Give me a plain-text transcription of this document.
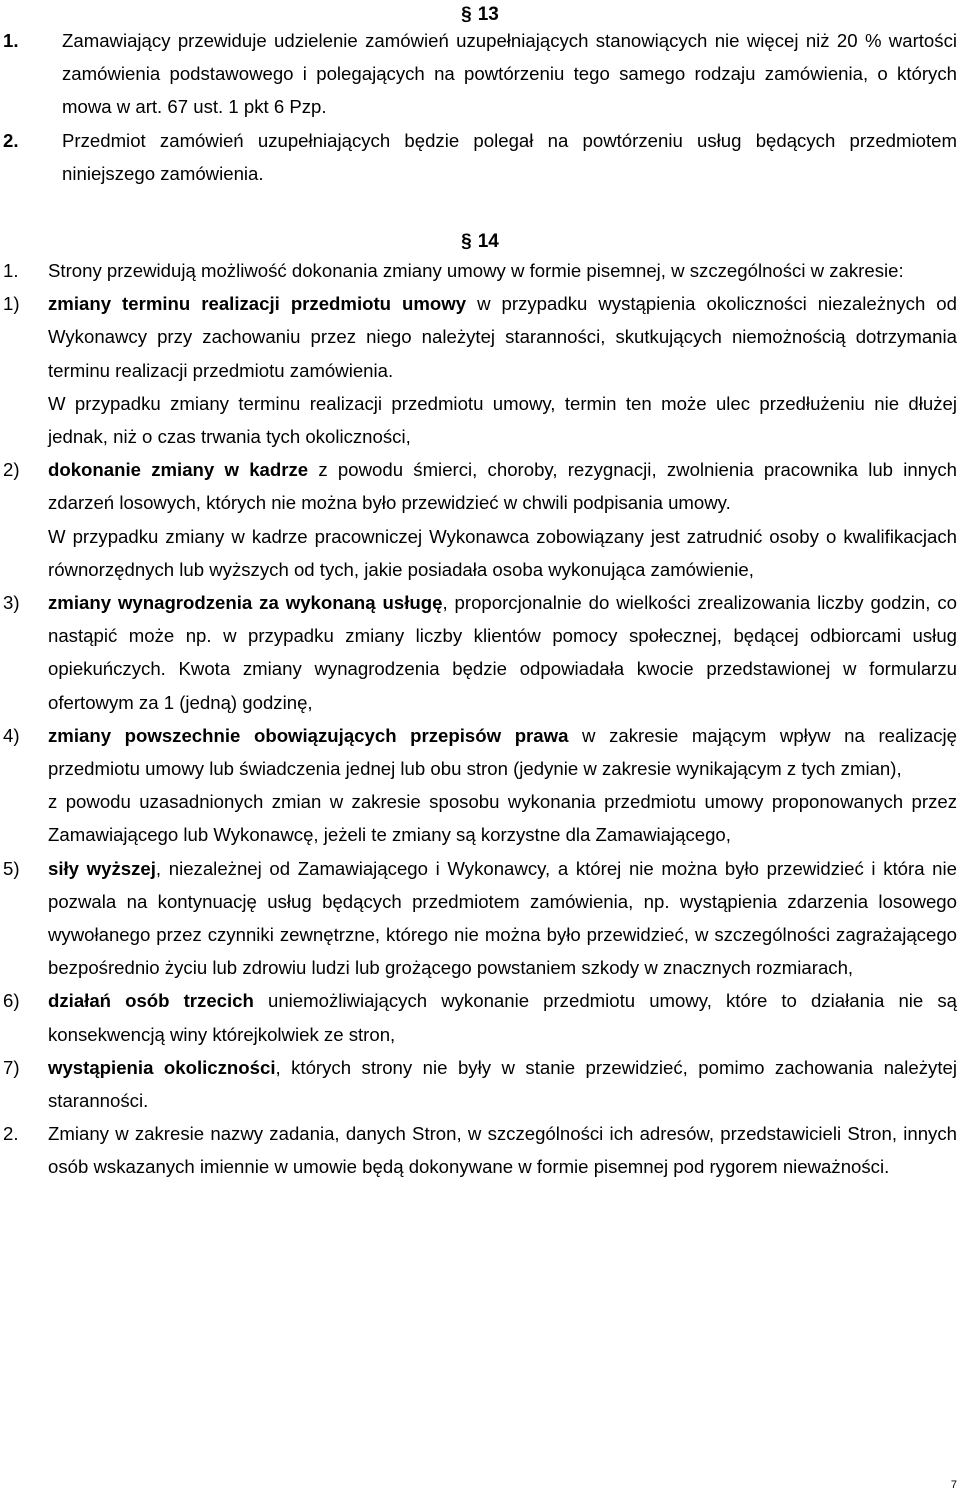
§ 13
1. Zamawiający przewiduje udzielenie zamówień uzupełniających stanowiących nie więcej niż 20 % wartości zamówienia podstawowego i polegających na powtórzeniu tego samego rodzaju zamówienia, o których mowa w art. 67 ust. 1 pkt 6 Pzp.
2. Przedmiot zamówień uzupełniających będzie polegał na powtórzeniu usług będących przedmiotem niniejszego zamówienia.
§ 14
1. Strony przewidują możliwość dokonania zmiany umowy w formie pisemnej, w szczególności w zakresie:
1) zmiany terminu realizacji przedmiotu umowy w przypadku wystąpienia okoliczności niezależnych od Wykonawcy przy zachowaniu przez niego należytej staranności, skutkujących niemożnością dotrzymania terminu realizacji przedmiotu zamówienia.
W przypadku zmiany terminu realizacji przedmiotu umowy, termin ten może ulec przedłużeniu nie dłużej jednak, niż o czas trwania tych okoliczności,
2) dokonanie zmiany w kadrze z powodu śmierci, choroby, rezygnacji, zwolnienia pracownika lub innych zdarzeń losowych, których nie można było przewidzieć w chwili podpisania umowy.
W przypadku zmiany w kadrze pracowniczej Wykonawca zobowiązany jest zatrudnić osoby o kwalifikacjach równorzędnych lub wyższych od tych, jakie posiadała osoba wykonująca zamówienie,
3) zmiany wynagrodzenia za wykonaną usługę, proporcjonalnie do wielkości zrealizowania liczby godzin, co nastąpić może np. w przypadku zmiany liczby klientów pomocy społecznej, będącej odbiorcami usług opiekuńczych. Kwota zmiany wynagrodzenia będzie odpowiadała kwocie przedstawionej w formularzu ofertowym za 1 (jedną) godzinę,
4) zmiany powszechnie obowiązujących przepisów prawa w zakresie mającym wpływ na realizację przedmiotu umowy lub świadczenia jednej lub obu stron (jedynie w zakresie wynikającym z tych zmian),
z powodu uzasadnionych zmian w zakresie sposobu wykonania przedmiotu umowy proponowanych przez Zamawiającego lub Wykonawcę, jeżeli te zmiany są korzystne dla Zamawiającego,
5) siły wyższej, niezależnej od Zamawiającego i Wykonawcy, a której nie można było przewidzieć i która nie pozwala na kontynuację usług będących przedmiotem zamówienia, np. wystąpienia zdarzenia losowego wywołanego przez czynniki zewnętrzne, którego nie można było przewidzieć, w szczególności zagrażającego bezpośrednio życiu lub zdrowiu ludzi lub grożącego powstaniem szkody w znacznych rozmiarach,
6) działań osób trzecich uniemożliwiających wykonanie przedmiotu umowy, które to działania nie są konsekwencją winy którejkolwiek ze stron,
7) wystąpienia okoliczności, których strony nie były w stanie przewidzieć, pomimo zachowania należytej staranności.
2. Zmiany w zakresie nazwy zadania, danych Stron, w szczególności ich adresów, przedstawicieli Stron, innych osób wskazanych imiennie w umowie będą dokonywane w formie pisemnej pod rygorem nieważności.
7
